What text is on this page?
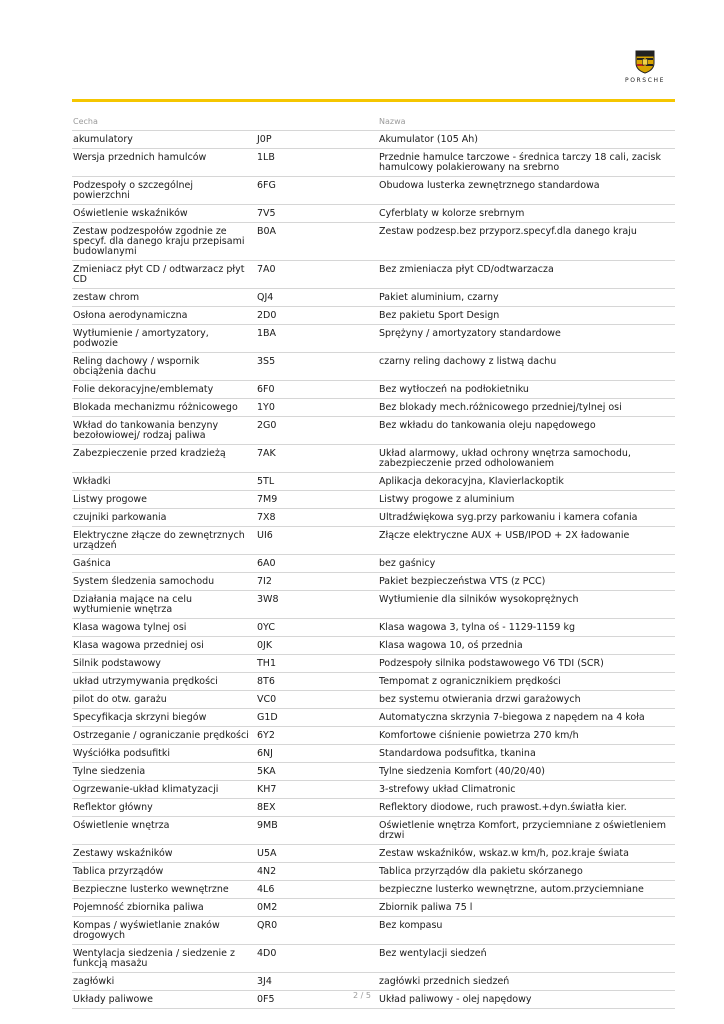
PORSCHE
Cecha		Nazwa
akumulatory	J0P	Akumulator (105 Ah)
Wersja przednich hamulców	1LB	Przednie hamulce tarczowe - średnica tarczy 18 cali, zacisk hamulcowy polakierowany na srebrno
Podzespoły o szczególnej powierzchni	6FG	Obudowa lusterka zewnętrznego standardowa
Oświetlenie wskaźników	7V5	Cyferblaty w kolorze srebrnym
Zestaw podzespołów zgodnie ze specyf. dla danego kraju przepisami budowlanymi	B0A	Zestaw podzesp.bez przyporz.specyf.dla danego kraju
Zmieniacz płyt CD / odtwarzacz płyt CD	7A0	Bez zmieniacza płyt CD/odtwarzacza
zestaw chrom	QJ4	Pakiet aluminium, czarny
Osłona aerodynamiczna	2D0	Bez pakietu Sport Design
Wytłumienie / amortyzatory, podwozie	1BA	Sprężyny / amortyzatory standardowe
Reling dachowy / wspornik obciążenia dachu	3S5	czarny reling dachowy z listwą dachu
Folie dekoracyjne/emblematy	6F0	Bez wytłoczeń na podłokietniku
Blokada mechanizmu różnicowego	1Y0	Bez blokady mech.różnicowego przedniej/tylnej osi
Wkład do tankowania benzyny bezołowiowej/ rodzaj paliwa	2G0	Bez wkładu do tankowania oleju napędowego
Zabezpieczenie przed kradzieżą	7AK	Układ alarmowy, układ ochrony wnętrza samochodu, zabezpieczenie przed odholowaniem
Wkładki	5TL	Aplikacja dekoracyjna, Klavierlackoptik
Listwy progowe	7M9	Listwy progowe z aluminium
czujniki parkowania	7X8	Ultradźwiękowa syg.przy parkowaniu i kamera cofania
Elektryczne złącze do zewnętrznych urządzeń	UI6	Złącze elektryczne AUX + USB/IPOD + 2X ładowanie
Gaśnica	6A0	bez gaśnicy
System śledzenia samochodu	7I2	Pakiet bezpieczeństwa VTS (z PCC)
Działania mające na celu wytłumienie wnętrza	3W8	Wytłumienie dla silników wysokoprężnych
Klasa wagowa tylnej osi	0YC	Klasa wagowa 3, tylna oś - 1129-1159 kg
Klasa wagowa przedniej osi	0JK	Klasa wagowa 10, oś przednia
Silnik podstawowy	TH1	Podzespoły silnika podstawowego V6 TDI (SCR)
układ utrzymywania prędkości	8T6	Tempomat z ogranicznikiem prędkości
pilot do otw. garażu	VC0	bez systemu otwierania drzwi garażowych
Specyfikacja skrzyni biegów	G1D	Automatyczna skrzynia 7-biegowa z napędem na 4 koła
Ostrzeganie / ograniczanie prędkości	6Y2	Komfortowe ciśnienie powietrza 270 km/h
Wyściółka podsufitki	6NJ	Standardowa podsufitka, tkanina
Tylne siedzenia	5KA	Tylne siedzenia Komfort (40/20/40)
Ogrzewanie-układ klimatyzacji	KH7	3-strefowy układ Climatronic
Reflektor główny	8EX	Reflektory diodowe, ruch prawost.+dyn.światła kier.
Oświetlenie wnętrza	9MB	Oświetlenie wnętrza Komfort, przyciemniane z oświetleniem drzwi
Zestawy wskaźników	U5A	Zestaw wskaźników, wskaz.w km/h, poz.kraje świata
Tablica przyrządów	4N2	Tablica przyrządów dla pakietu skórzanego
Bezpieczne lusterko wewnętrzne	4L6	bezpieczne lusterko wewnętrzne, autom.przyciemniane
Pojemność zbiornika paliwa	0M2	Zbiornik paliwa 75 l
Kompas / wyświetlanie znaków drogowych	QR0	Bez kompasu
Wentylacja siedzenia / siedzenie z funkcją masażu	4D0	Bez wentylacji siedzeń
zagłówki	3J4	zagłówki przednich siedzeń
Układy paliwowe	0F5	Układ paliwowy - olej napędowy
2 / 5
